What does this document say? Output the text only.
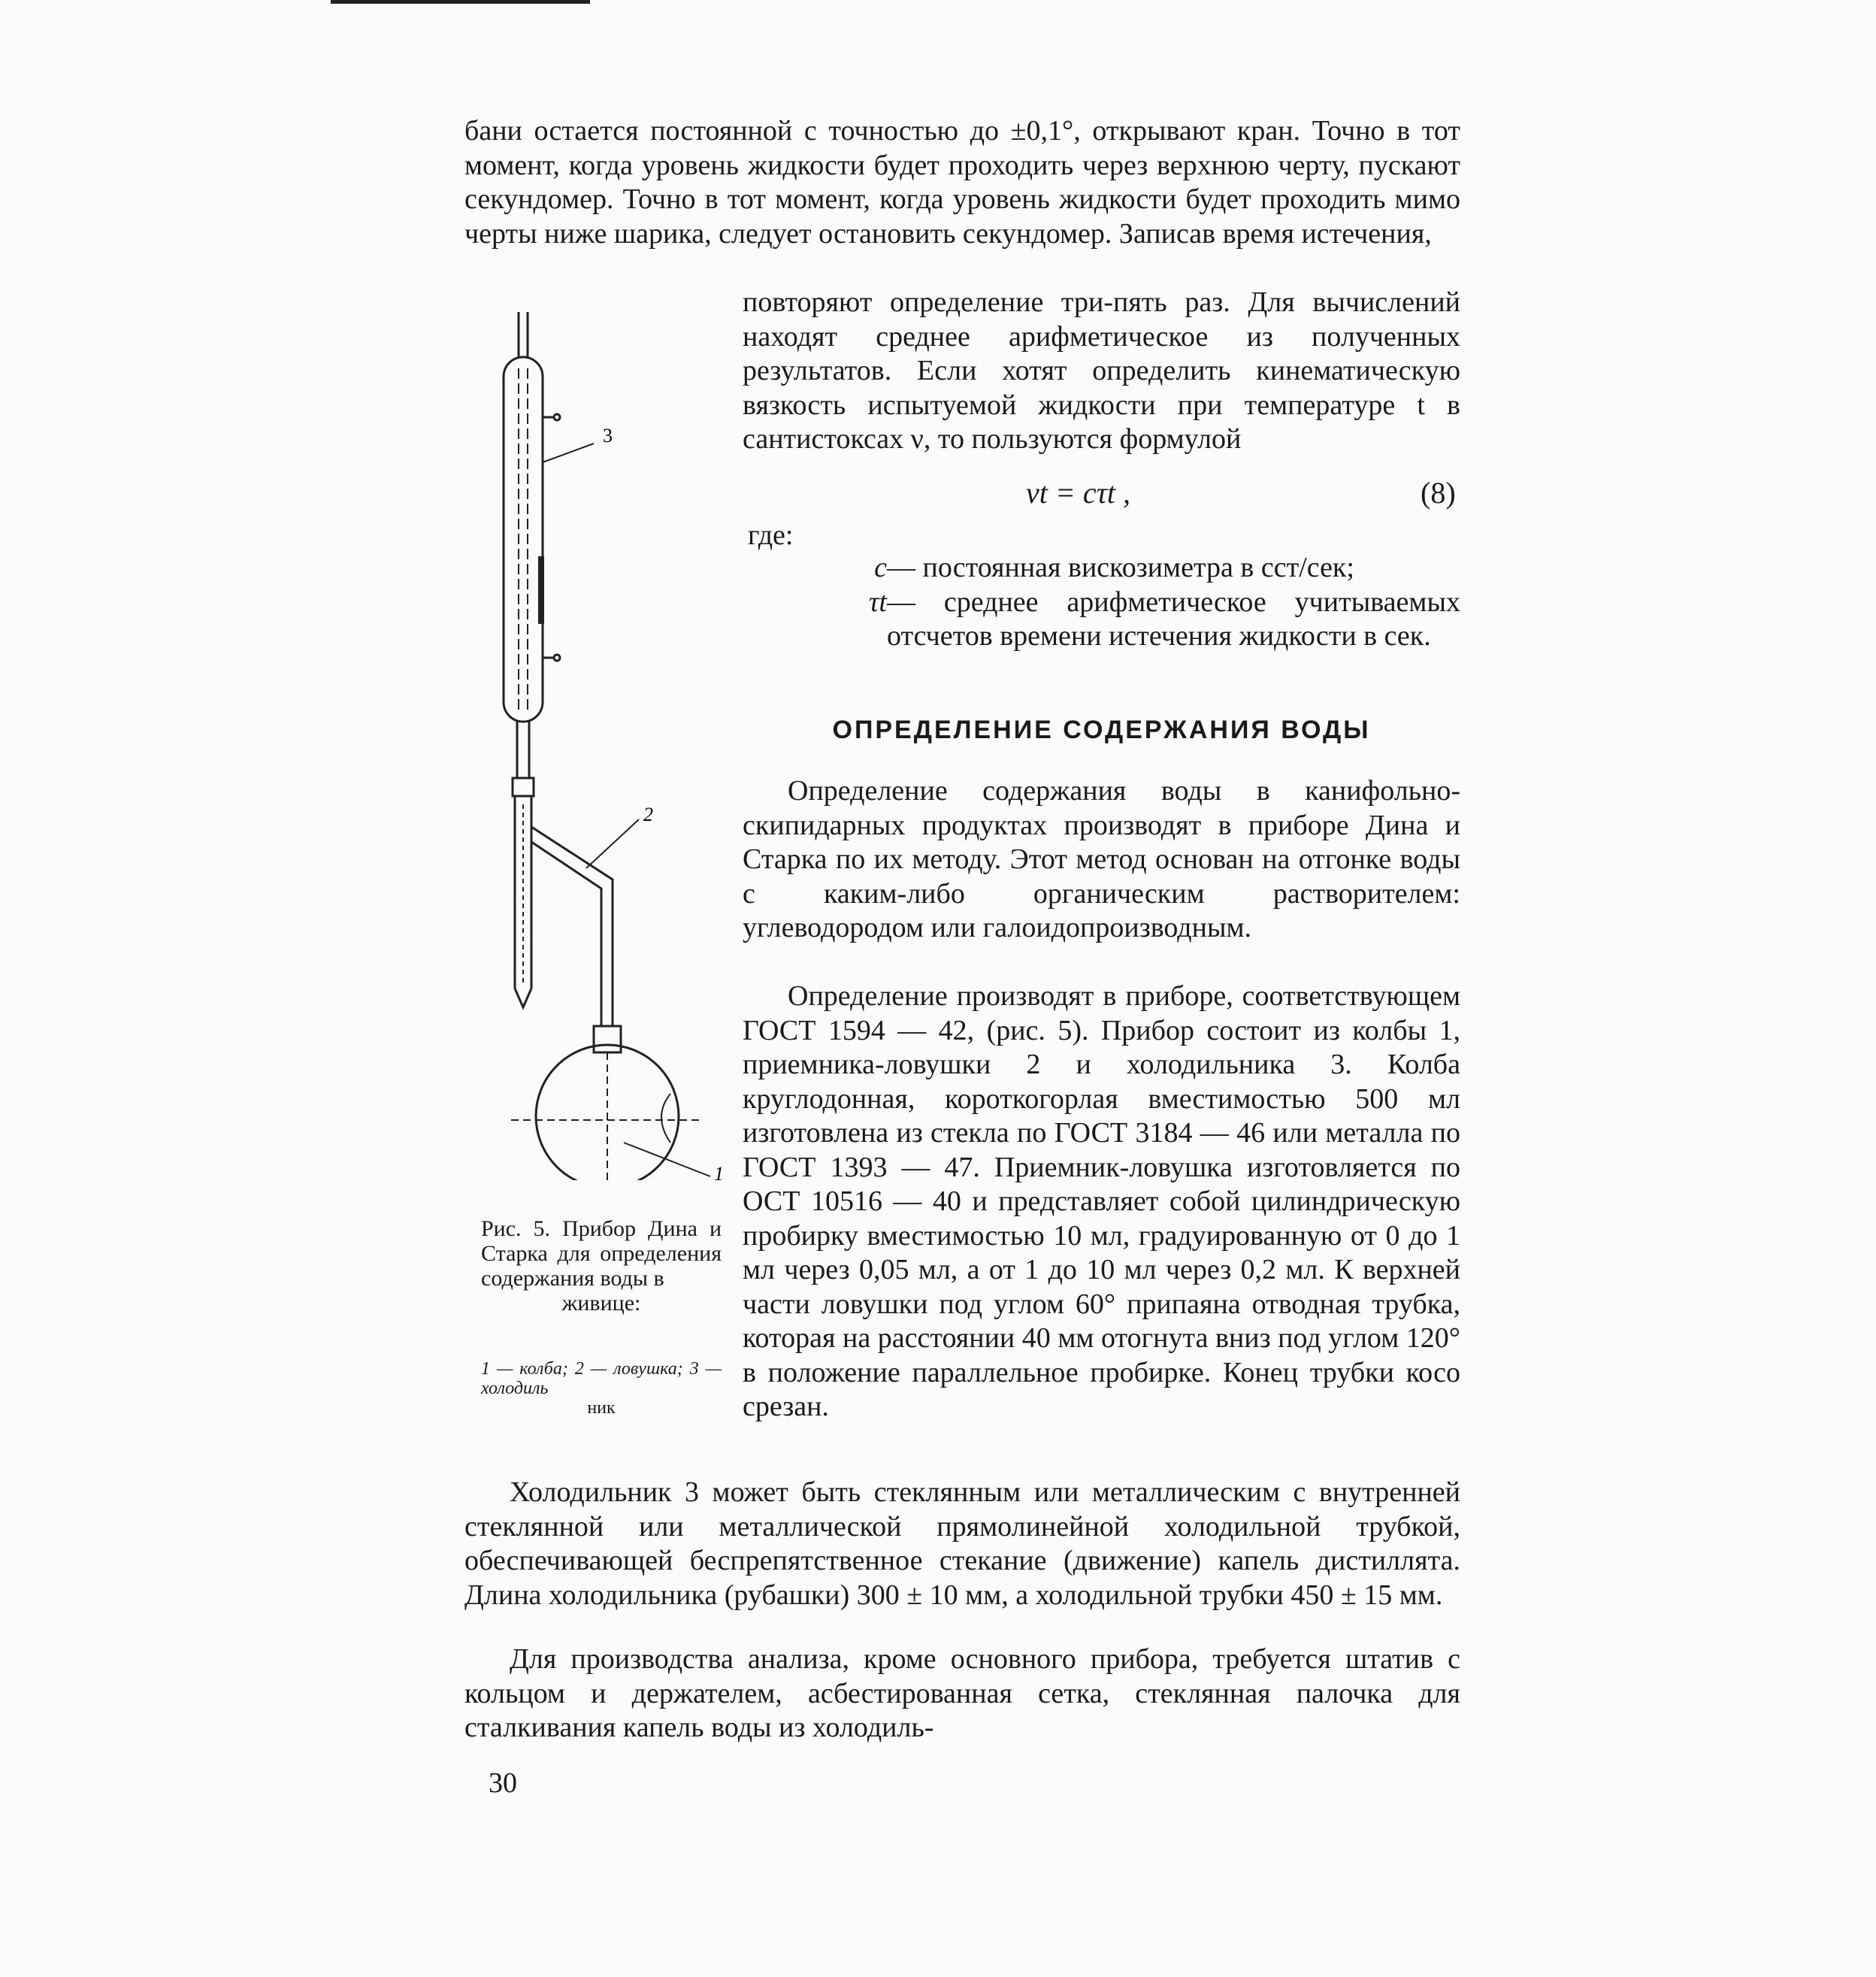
бани остается постоянной с точностью до ±0,1°, открывают кран. Точно в тот момент, когда уровень жидкости будет проходить через верхнюю черту, пускают секундомер. Точно в тот момент, когда уровень жидкости будет проходить мимо черты ниже шарика, следует остановить секундомер. Записав время истечения,

повторяют определение три-пять раз. Для вычислений находят среднее арифметическое из полученных результатов. Если хотят определить кинематическую вязкость испытуемой жидкости при температуре t в сантистоксах ν, то пользуются формулой

νt = cτt ,	(8)
где:
c — постоянная вискозиметра в сст/сек;
τt — среднее арифметическое учитываемых отсчетов времени истечения жидкости в сек.
ОПРЕДЕЛЕНИЕ СОДЕРЖАНИЯ ВОДЫ

Определение содержания воды в канифольно-скипидарных продуктах производят в приборе Дина и Старка по их методу. Этот метод основан на отгонке воды с каким-либо органическим растворителем: углеводородом или галоидопроизводным.

Определение производят в приборе, соответствующем ГОСТ 1594 — 42, (рис. 5). Прибор состоит из колбы 1, приемника-ловушки 2 и холодильника 3. Колба круглодонная, короткогорлая вместимостью 500 мл изготовлена из стекла по ГОСТ 3184 — 46 или металла по ГОСТ 1393 — 47. Приемник-ловушка изготовляется по ОСТ 10516 — 40 и представляет собой цилиндрическую пробирку вместимостью 10 мл, градуированную от 0 до 1 мл через 0,05 мл, а от 1 до 10 мл через 0,2 мл. К верхней части ловушки под углом 60° припаяна отводная трубка, которая на расстоянии 40 мм отогнута вниз под углом 120° в положение параллельное пробирке. Конец трубки косо срезан.

Холодильник 3 может быть стеклянным или металлическим с внутренней стеклянной или металлической прямолинейной холодильной трубкой, обеспечивающей беспрепятственное стекание (движение) капель дистиллята. Длина холодильника (рубашки) 300 ± 10 мм, а холодильной трубки 450 ± 15 мм.

Для производства анализа, кроме основного прибора, требуется штатив с кольцом и держателем, асбестированная сетка, стеклянная палочка для сталкивания капель воды из холодиль-

3
2
1
Рис. 5. Прибор Дина и Старка для определения содержания воды в
живице:
1 — колба; 2 — ловушка; 3 — холодиль
ник
30
